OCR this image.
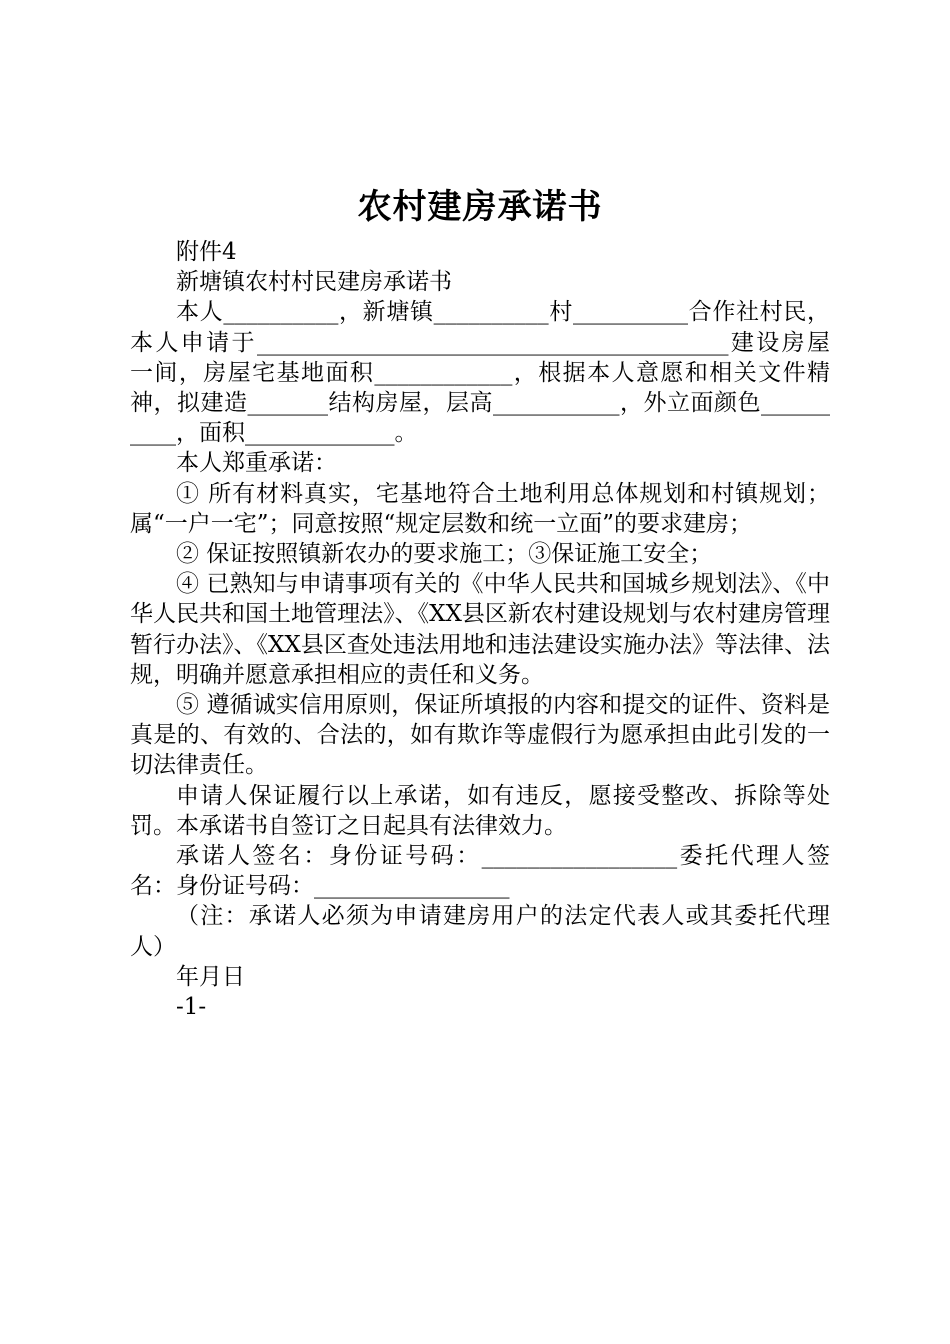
农村建房承诺书

附件4

新塘镇农村村民建房承诺书

本人__________，新塘镇__________村__________合作社村民，本人申请于_________________________________________建设房屋一间，房屋宅基地面积____________，根据本人意愿和相关文件精神，拟建造_______结构房屋，层高___________，外立面颜色__________，面积_____________。

本人郑重承诺：

① 所有材料真实，宅基地符合土地利用总体规划和村镇规划；属“一户一宅”；同意按照“规定层数和统一立面”的要求建房；

② 保证按照镇新农办的要求施工；③保证施工安全；

④ 已熟知与申请事项有关的《中华人民共和国城乡规划法》、《中华人民共和国土地管理法》、《XX县区新农村建设规划与农村建房管理暂行办法》、《XX县区查处违法用地和违法建设实施办法》等法律、法规，明确并愿意承担相应的责任和义务。

⑤ 遵循诚实信用原则，保证所填报的内容和提交的证件、资料是真是的、有效的、合法的，如有欺诈等虚假行为愿承担由此引发的一切法律责任。

申请人保证履行以上承诺，如有违反，愿接受整改、拆除等处罚。本承诺书自签订之日起具有法律效力。

承诺人签名：身份证号码：_________________委托代理人签名：身份证号码：_________________

（注：承诺人必须为申请建房用户的法定代表人或其委托代理人）

年月日

-1-
